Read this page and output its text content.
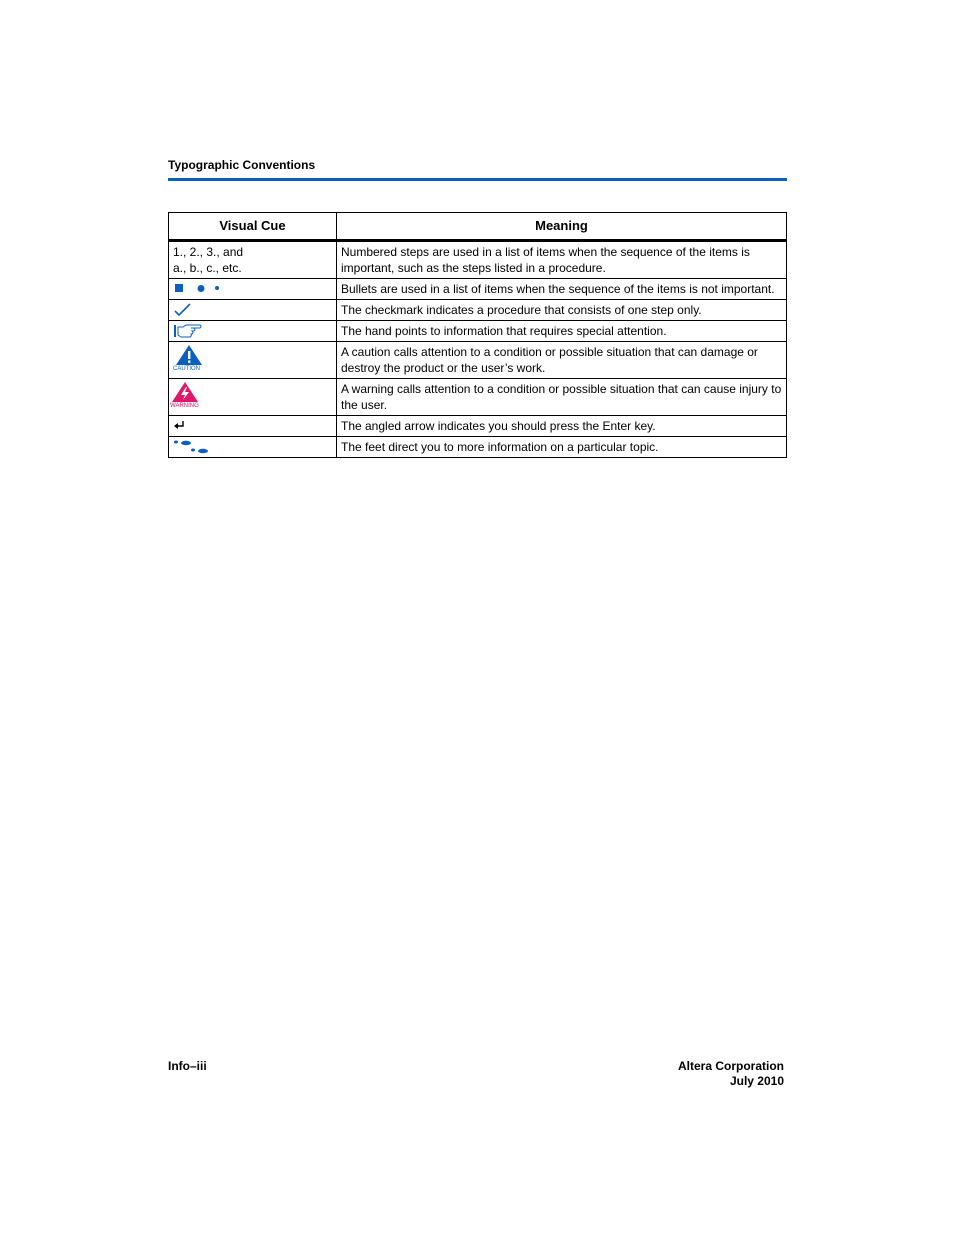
Typographic Conventions
Visual Cue	Meaning
1., 2., 3., and
a., b., c., etc.	Numbered steps are used in a list of items when the sequence of the items is important, such as the steps listed in a procedure.

	Bullets are used in a list of items when the sequence of the items is not important.

	The checkmark indicates a procedure that consists of one step only.

	The hand points to information that requires special attention.

CAUTION	A caution calls attention to a condition or possible situation that can damage or destroy the product or the user’s work.

WARNING	A warning calls attention to a condition or possible situation that can cause injury to the user.

	The angled arrow indicates you should press the Enter key.

	The feet direct you to more information on a particular topic.
Info–iii	Altera Corporation
July 2010
